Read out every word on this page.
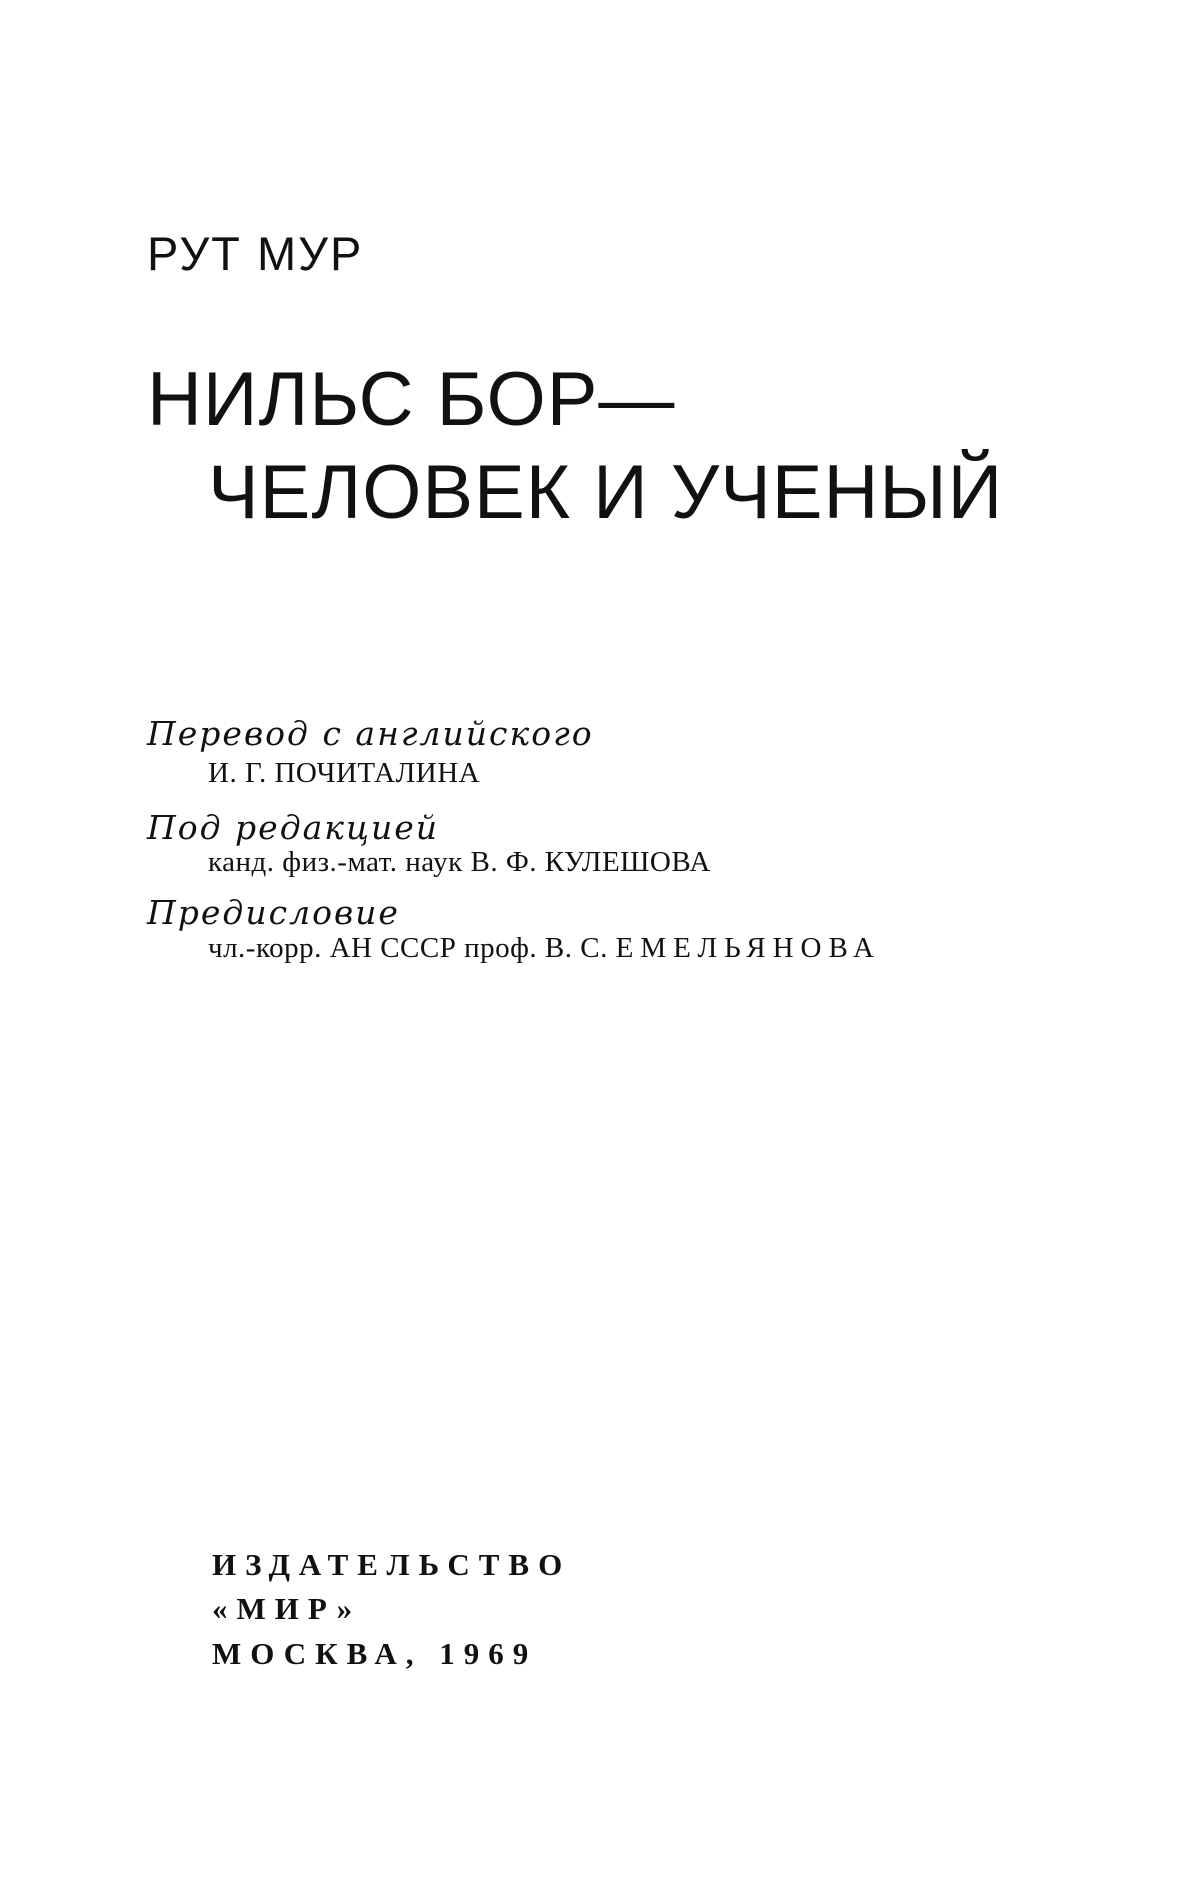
РУТ МУР
НИЛЬС БОР—
ЧЕЛОВЕК И УЧЕНЫЙ
Перевод с английского
И. Г. ПОЧИТАЛИНА
Под редакцией
канд. физ.-мат. наук В. Ф. КУЛЕШОВА
Предисловие
чл.-корр. АН СССР проф. В. С. ЕМЕЛЬЯНОВА
ИЗДАТЕЛЬСТВО
«МИР»
МОСКВА, 1969
